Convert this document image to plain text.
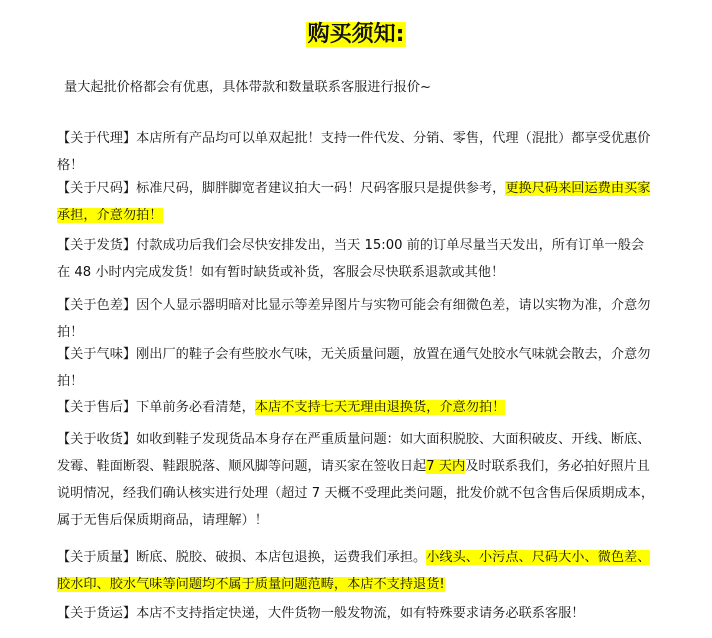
购买须知:
量大起批价格都会有优惠，具体带款和数量联系客服进行报价~
【关于代理】本店所有产品均可以单双起批！支持一件代发、分销、零售，代理（混批）都享受优惠价格！
【关于尺码】标准尺码，脚胖脚宽者建议拍大一码！尺码客服只是提供参考，更换尺码来回运费由买家承担，介意勿拍！
【关于发货】付款成功后我们会尽快安排发出，当天 15:00 前的订单尽量当天发出，所有订单一般会在 48 小时内完成发货！如有暂时缺货或补货，客服会尽快联系退款或其他！
【关于色差】因个人显示器明暗对比显示等差异图片与实物可能会有细微色差，请以实物为准，介意勿拍！
【关于气味】刚出厂的鞋子会有些胶水气味，无关质量问题，放置在通气处胶水气味就会散去，介意勿拍！
【关于售后】下单前务必看清楚，本店不支持七天无理由退换货，介意勿拍！
【关于收货】如收到鞋子发现货品本身存在严重质量问题：如大面积脱胶、大面积破皮、开线、断底、发霉、鞋面断裂、鞋跟脱落、顺风脚等问题，请买家在签收日起7 天内及时联系我们，务必拍好照片且说明情况，经我们确认核实进行处理（超过 7 天概不受理此类问题，批发价就不包含售后保质期成本，属于无售后保质期商品，请理解）！
【关于质量】断底、脱胶、破损、本店包退换，运费我们承担。小线头、小污点、尺码大小、微色差、胶水印、胶水气味等问题均不属于质量问题范畴，本店不支持退货!
【关于货运】本店不支持指定快递，大件货物一般发物流，如有特殊要求请务必联系客服！
